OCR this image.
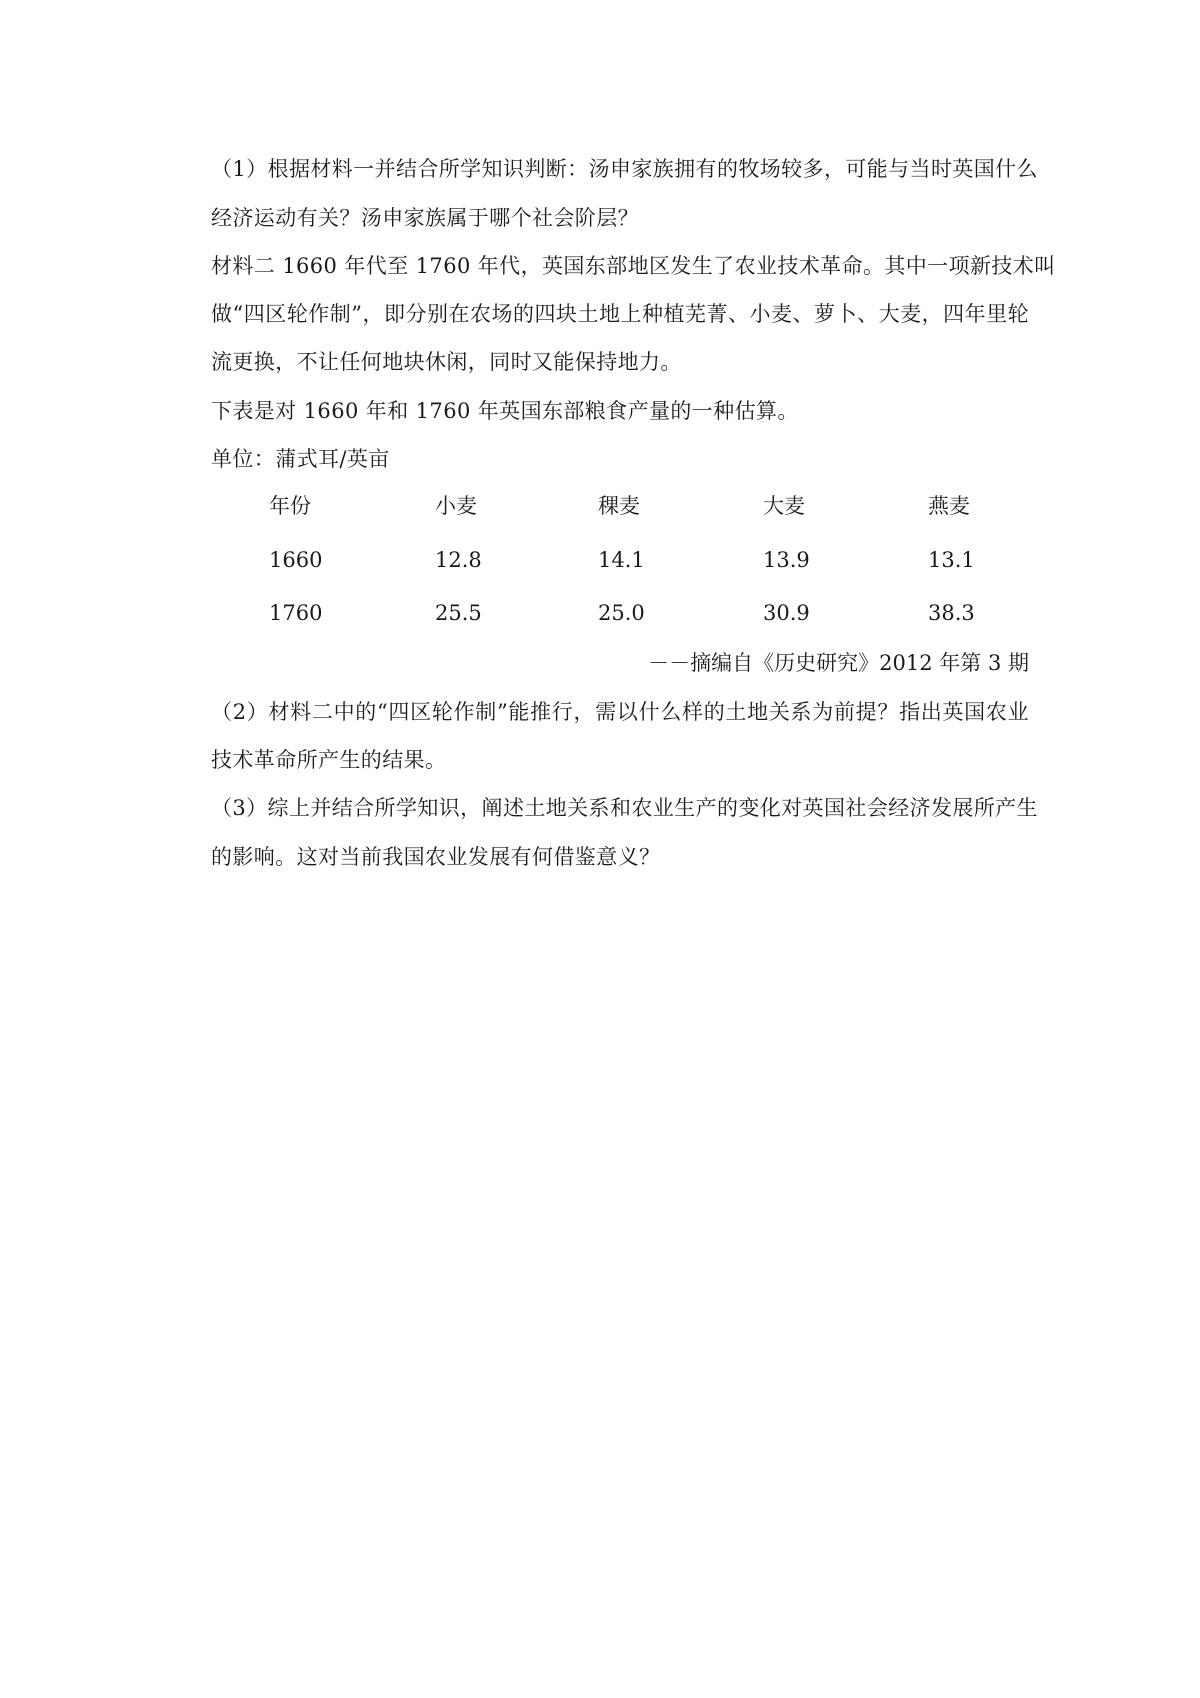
（1）根据材料一并结合所学知识判断：汤申家族拥有的牧场较多，可能与当时英国什么
经济运动有关？汤申家族属于哪个社会阶层？
材料二 1660 年代至 1760 年代，英国东部地区发生了农业技术革命。其中一项新技术叫
做“四区轮作制”，即分别在农场的四块土地上种植芜菁、小麦、萝卜、大麦，四年里轮
流更换，不让任何地块休闲，同时又能保持地力。
下表是对 1660 年和 1760 年英国东部粮食产量的一种估算。
单位：蒲式耳/英亩
年份	小麦	稞麦	大麦	燕麦
1660	12.8	14.1	13.9	13.1
1760	25.5	25.0	30.9	38.3
－－摘编自《历史研究》2012 年第 3 期
（2）材料二中的“四区轮作制”能推行，需以什么样的土地关系为前提？指出英国农业
技术革命所产生的结果。
（3）综上并结合所学知识，阐述土地关系和农业生产的变化对英国社会经济发展所产生
的影响。这对当前我国农业发展有何借鉴意义？
